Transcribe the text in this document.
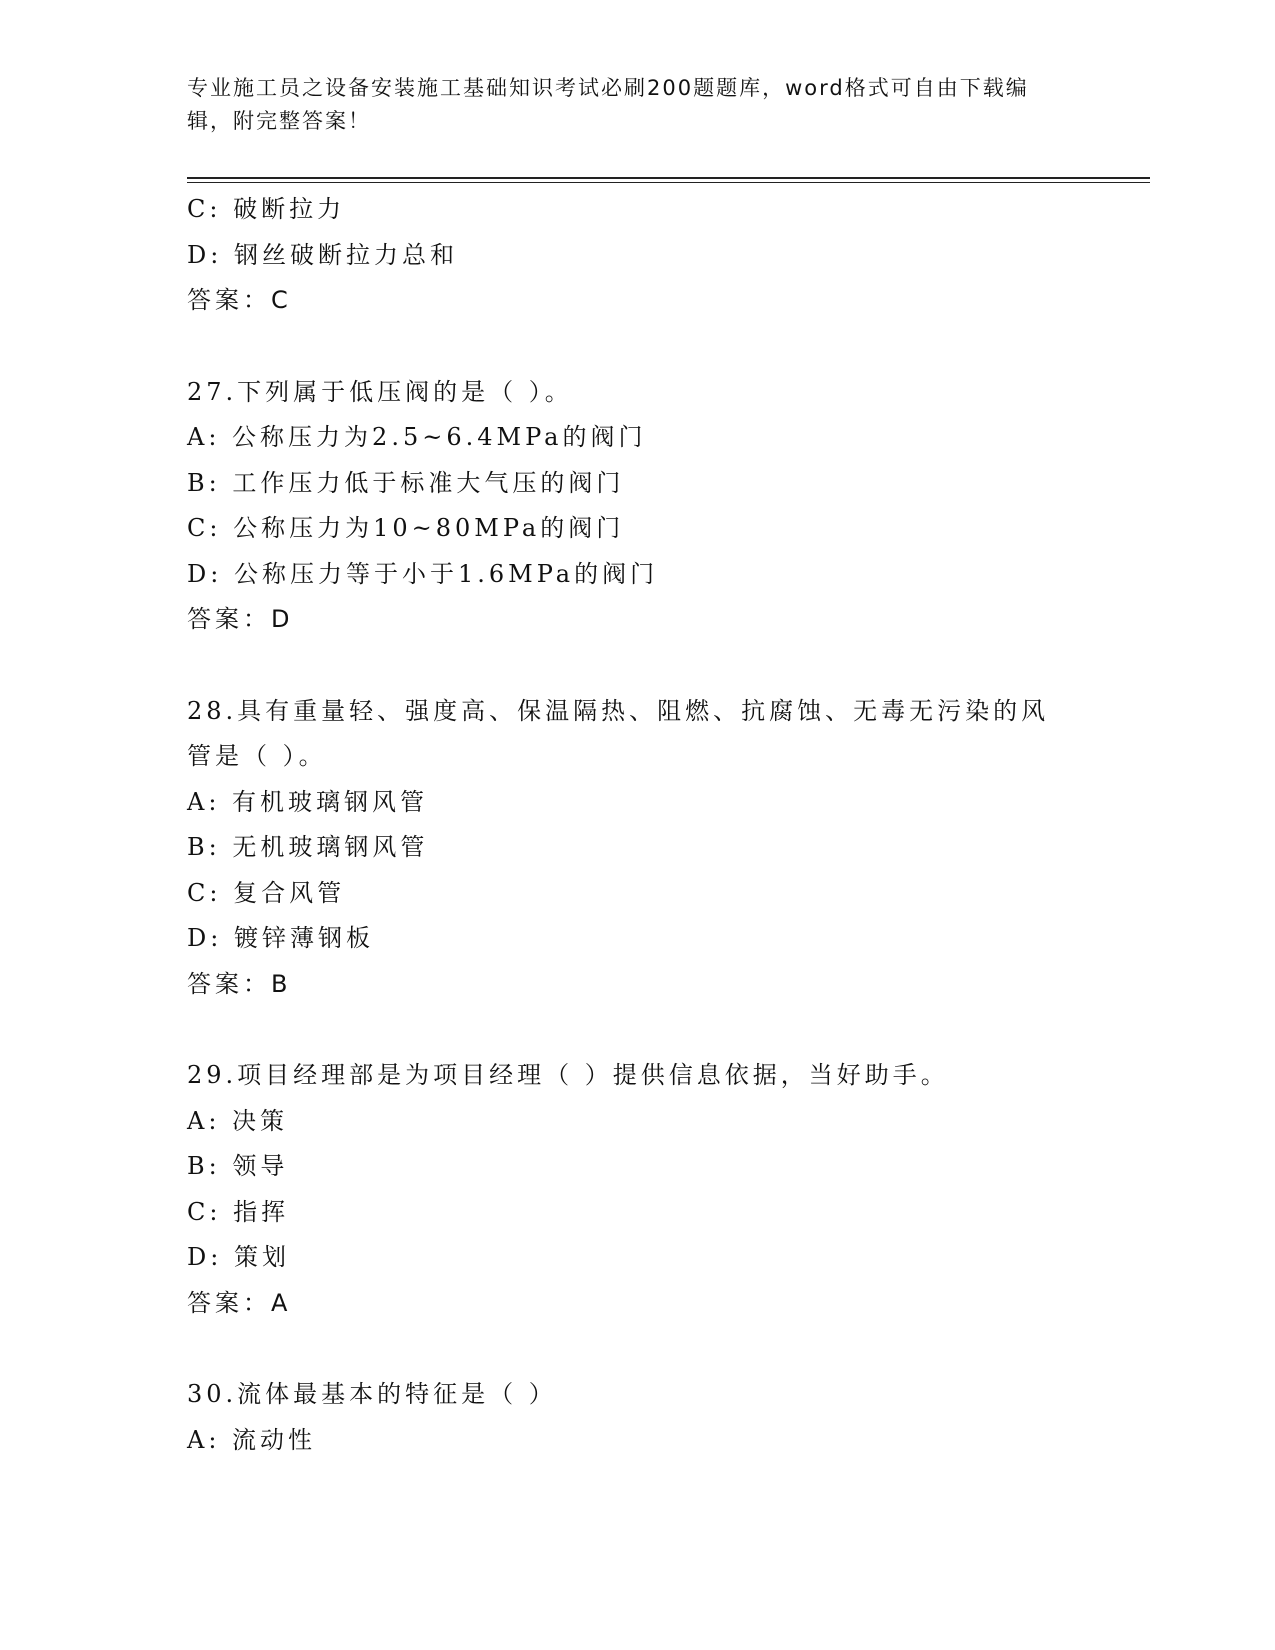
专业施工员之设备安装施工基础知识考试必刷200题题库，word格式可自由下载编辑，附完整答案！
C: 破断拉力
D: 钢丝破断拉力总和
答案：C
27.下列属于低压阀的是（ ）。
A: 公称压力为2.5~6.4MPa的阀门
B: 工作压力低于标准大气压的阀门
C: 公称压力为10~80MPa的阀门
D: 公称压力等于小于1.6MPa的阀门
答案：D
28.具有重量轻、强度高、保温隔热、阻燃、抗腐蚀、无毒无污染的风
管是（ ）。
A: 有机玻璃钢风管
B: 无机玻璃钢风管
C: 复合风管
D: 镀锌薄钢板
答案：B
29.项目经理部是为项目经理（ ）提供信息依据，当好助手。
A: 决策
B: 领导
C: 指挥
D: 策划
答案：A
30.流体最基本的特征是（ ）
A: 流动性
